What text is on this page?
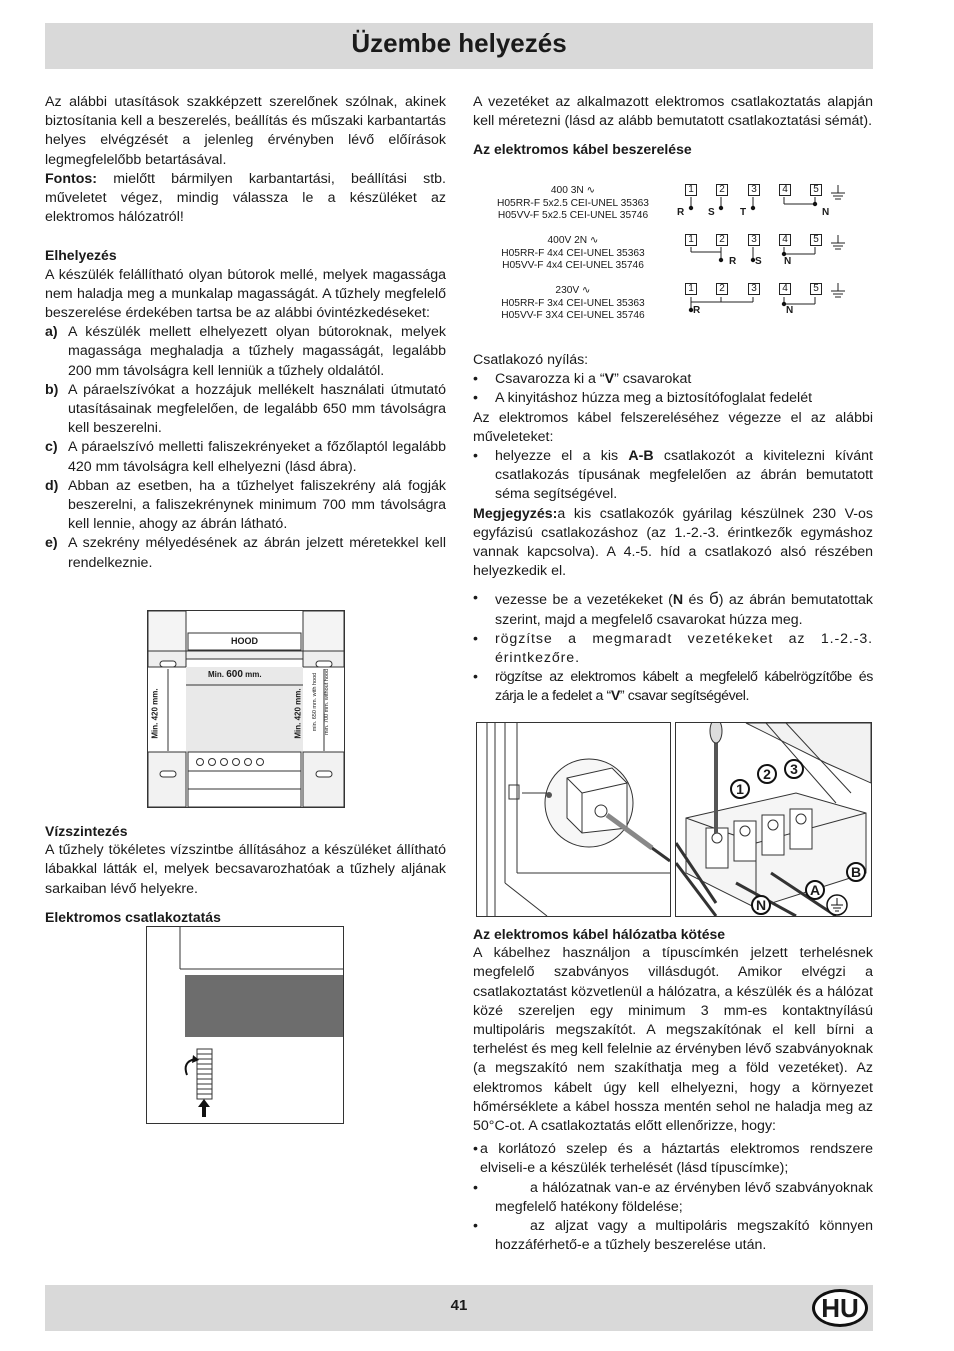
Üzembe helyezés

Az alábbi utasítások szakképzett szerelőnek szólnak, akinek biztosítania kell a beszerelés, beállítás és műszaki karbantartás helyes elvégzését a jelenleg érvényben lévő előírások legmegfelelőbb betartásával.

Fontos: mielőtt bármilyen karbantartási, beállítási stb. műveletet végez, mindig válassza le a készüléket az elektromos hálózatról!

Elhelyezés

A készülék felállítható olyan bútorok mellé, melyek magassága nem haladja meg a munkalap magasságát. A tűzhely megfelelő beszerelése érdekében tartsa be az alábbi óvintézkedéseket:

a) A készülék mellett elhelyezett olyan bútoroknak, melyek magassága meghaladja a tűzhely magasságát, legalább 200 mm távolságra kell lenniük a tűzhely oldalától.
b) A páraelszívókat a hozzájuk mellékelt használati útmutató utasításainak megfelelően, de legalább 650 mm távolságra kell beszerelni.
c) A páraelszívó melletti faliszekrényeket a főzőlaptól legalább 420 mm távolságra kell elhelyezni (lásd ábra).
d) Abban az esetben, ha a tűzhelyet faliszekrény alá fogják beszerelni, a faliszekrénynek minimum 700 mm távolságra kell lennie, ahogy az ábrán látható.
e) A szekrény mélyedésének az ábrán jelzett méretekkel kell rendelkeznie.
HOOD
Min. 600 mm.
Min. 420 mm.	Min. 420 mm. min. 650 mm. with hood min. 700 mm. without hood

Vízszintezés

A tűzhely tökéletes vízszintbe állításához a készüléket állítható lábakkal látták el, melyek becsavarozhatóak a tűzhely aljának sarkaiban lévő helyekre.

Elektromos csatlakoztatás

A vezetéket az alkalmazott elektromos csatlakoztatás alapján kell méretezni (lásd az alább bemutatott csatlakoztatási sémát).

Az elektromos kábel beszerelése

400 3N ∿
H05RR-F 5x2.5 CEI-UNEL 35363
H05VV-F 5x2.5 CEI-UNEL 35746
400V 2N ∿
H05RR-F 4x4 CEI-UNEL 35363
H05VV-F 4x4 CEI-UNEL 35746
230V ∿
H05RR-F 3x4 CEI-UNEL 35363
H05VV-F 3X4 CEI-UNEL 35746
1	2	3	4	5
1	2	3	4	5
1	2	3	4	5
R S	T	N
R S N
R	N

Csatlakozó nyílás:

•	Csavarozza ki a “V” csavarokat
•	A kinyitáshoz húzza meg a biztosítófoglalat fedelét

Az elektromos kábel felszereléséhez végezze el az alábbi műveleteket:

•	helyezze el a kis A-B csatlakozót a kivitelezni kívánt csatlakozás típusának megfelelően az ábrán bemutatott séma segítségével.

Megjegyzés:a kis csatlakozók gyárilag készülnek 230 V-os egyfázisú csatlakozáshoz (az 1.-2.-3. érintkezők egymáshoz vannak kapcsolva). A 4.-5. híd a csatlakozó alsó részében helyezkedik el.

•	vezesse be a vezetékeket (N és б) az ábrán bemutatottak szerint, majd a megfelelő csavarokat húzza meg.
•	rögzítse a megmaradt vezetékeket az 1.-2.-3. érintkezőre.
•	rögzítse az elektromos kábelt a megfelelő kábelrögzítőbe és zárja le a fedelet a “V” csavar segítségével.
1
2	3
B
A
N

Az elektromos kábel hálózatba kötése

A kábelhez használjon a típuscímkén jelzett terhelésnek megfelelő szabványos villásdugót. Amikor elvégzi a csatlakoztatást közvetlenül a hálózatra, a készülék és a hálózat közé szereljen egy minimum 3 mm-es kontaktnyílású multipoláris megszakítót. A megszakítónak el kell bírni a terhelést és meg kell felelnie az érvényben lévő szabványoknak (a megszakító nem szakíthatja meg a föld vezetéket). Az elektromos kábelt úgy kell elhelyezni, hogy a környezet hőmérséklete a kábel hossza mentén sehol ne haladja meg az 50°C-ot. A csatlakoztatás előtt ellenőrizze, hogy:

• a korlátozó szelep és a háztartás elektromos rendszere elviseli-e a készülék terhelését (lásd típuscímke);
•	a hálózatnak van-e az érvényben lévő szabványoknak megfelelő hatékony földelése;
•	az aljzat vagy a multipoláris megszakító könnyen hozzáférhető-e a tűzhely beszerelése után.
41	HU
